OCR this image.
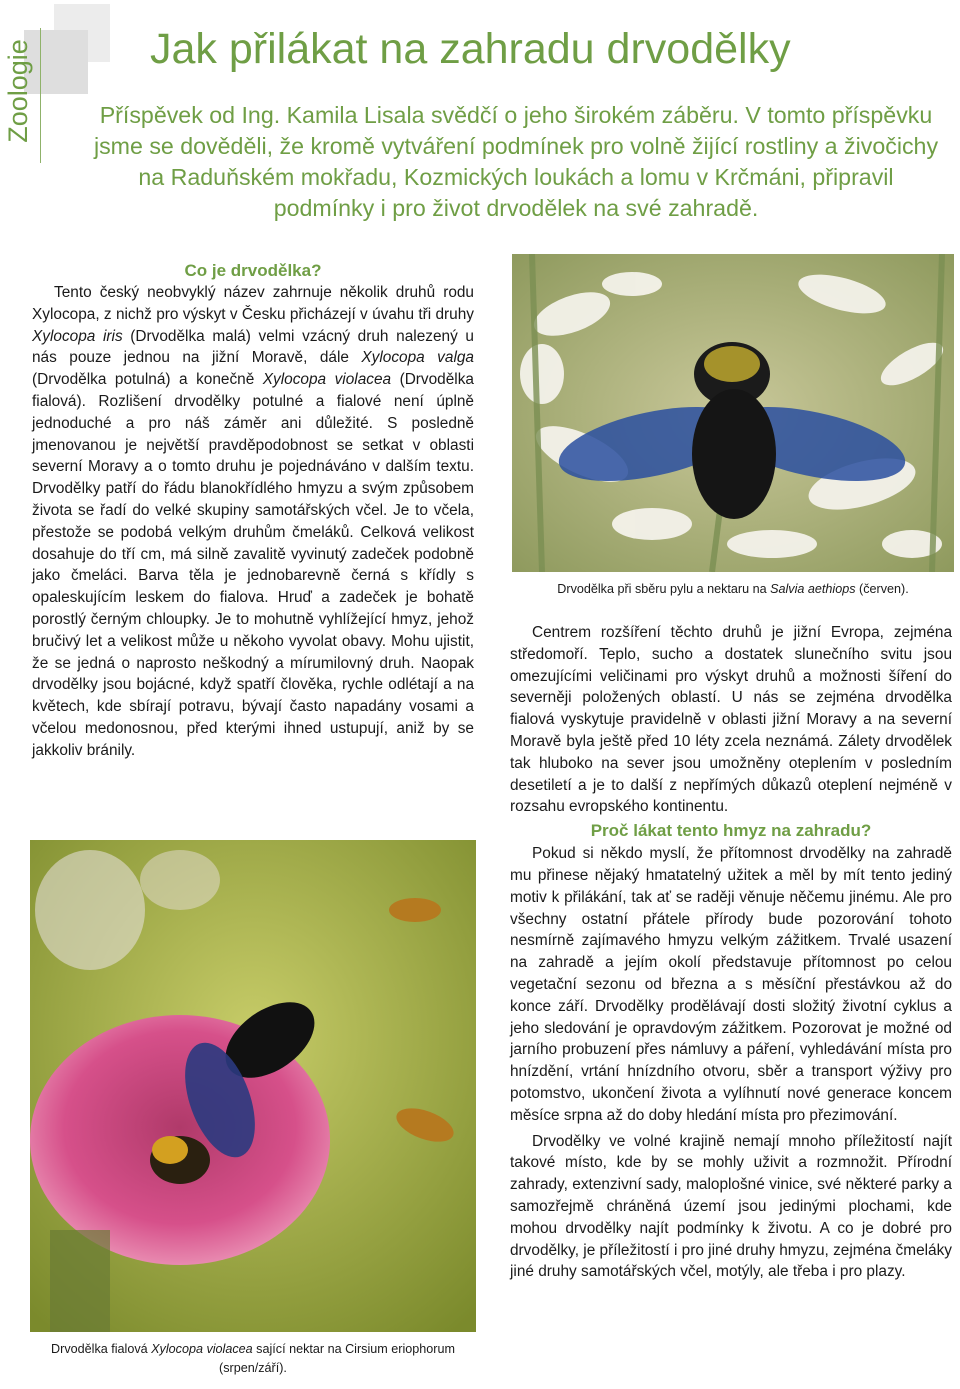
Zoologie	Jak přilákat na zahradu drvodělky

Příspěvek od Ing. Kamila Lisala svědčí o jeho širokém záběru. V tomto příspěvku jsme se dověděli, že kromě vytváření podmínek pro volně žijící rostliny a živočichy na Raduňském mokřadu, Kozmických loukách a lomu v Krčmáni, připravil podmínky i pro život drvodělek na své zahradě.

Co je drvodělka?

Tento český neobvyklý název zahrnuje několik druhů rodu Xylocopa, z nichž pro výskyt v Česku přicházejí v úvahu tři druhy Xylocopa iris (Drvodělka malá) velmi vzácný druh nalezený u nás pouze jednou na jižní Moravě, dále Xylocopa valga (Drvodělka potulná) a konečně Xylocopa violacea (Drvodělka fialová). Rozlišení drvodělky potulné a fialové není úplně jednoduché a pro náš záměr ani důležité. S posledně jmenovanou je největší pravděpodobnost se setkat v oblasti severní Moravy a o tomto druhu je pojednáváno v dalším textu. Drvodělky patří do řádu blanokřídlého hmyzu a svým způsobem života se řadí do velké skupiny samotářských včel. Je to včela, přestože se podobá velkým druhům čmeláků. Celková velikost dosahuje do tří cm, má silně zavalitě vyvinutý zadeček podobně jako čmeláci. Barva těla je jednobarevně černá s křídly s opaleskujícím leskem do fialova. Hruď a zadeček je bohatě porostlý černým chloupky. Je to mohutně vyhlížející hmyz, jehož bručivý let a velikost může u někoho vyvolat obavy. Mohu ujistit, že se jedná o naprosto neškodný a mírumilovný druh. Naopak drvodělky jsou bojácné, když spatří člověka, rychle odlétají a na květech, kde sbírají potravu, bývají často napadány vosami a včelou medonosnou, před kterými ihned ustupují, aniž by se jakkoliv bránily.

Drvodělka při sběru pylu a nektaru na Salvia aethiops (červen).
Drvodělka fialová Xylocopa violacea sající nektar na Cirsium eriophorum (srpen/září).

Centrem rozšíření těchto druhů je jižní Evropa, zejména středomoří. Teplo, sucho a dostatek slunečního svitu jsou omezujícími veličinami pro výskyt druhů a možnosti šíření do severněji položených oblastí. U nás se zejména drvodělka fialová vyskytuje pravidelně v oblasti jižní Moravy a na severní Moravě byla ještě před 10 léty zcela neznámá. Zálety drvodělek tak hluboko na sever jsou umožněny oteplením v posledním desetiletí a je to další z nepřímých důkazů oteplení nejméně v rozsahu evropského kontinentu.

Proč lákat tento hmyz na zahradu?

Pokud si někdo myslí, že přítomnost drvodělky na zahradě mu přinese nějaký hmatatelný užitek a měl by mít tento jediný motiv k přilákání, tak ať se raději věnuje něčemu jinému. Ale pro všechny ostatní přátele přírody bude pozorování tohoto nesmírně zajímavého hmyzu velkým zážitkem. Trvalé usazení na zahradě a jejím okolí představuje přítomnost po celou vegetační sezonu od března a s měsíční přestávkou až do konce září. Drvodělky prodělávají dosti složitý životní cyklus a jeho sledování je opravdovým zážitkem. Pozorovat je možné od jarního probuzení přes námluvy a páření, vyhledávání místa pro hnízdění, vrtání hnízdního otvoru, sběr a transport výživy pro potomstvo, ukončení života a vylíhnutí nové generace koncem měsíce srpna až do doby hledání místa pro přezimování.

Drvodělky ve volné krajině nemají mnoho příležitostí najít takové místo, kde by se mohly uživit a rozmnožit. Přírodní zahrady, extenzivní sady, maloplošné vinice, své některé parky a samozřejmě chráněná území jsou jedinými plochami, kde mohou drvodělky najít podmínky k životu. A co je dobré pro drvodělky, je příležitostí i pro jiné druhy hmyzu, zejména čmeláky jiné druhy samotářských včel, motýly, ale třeba i pro plazy.
